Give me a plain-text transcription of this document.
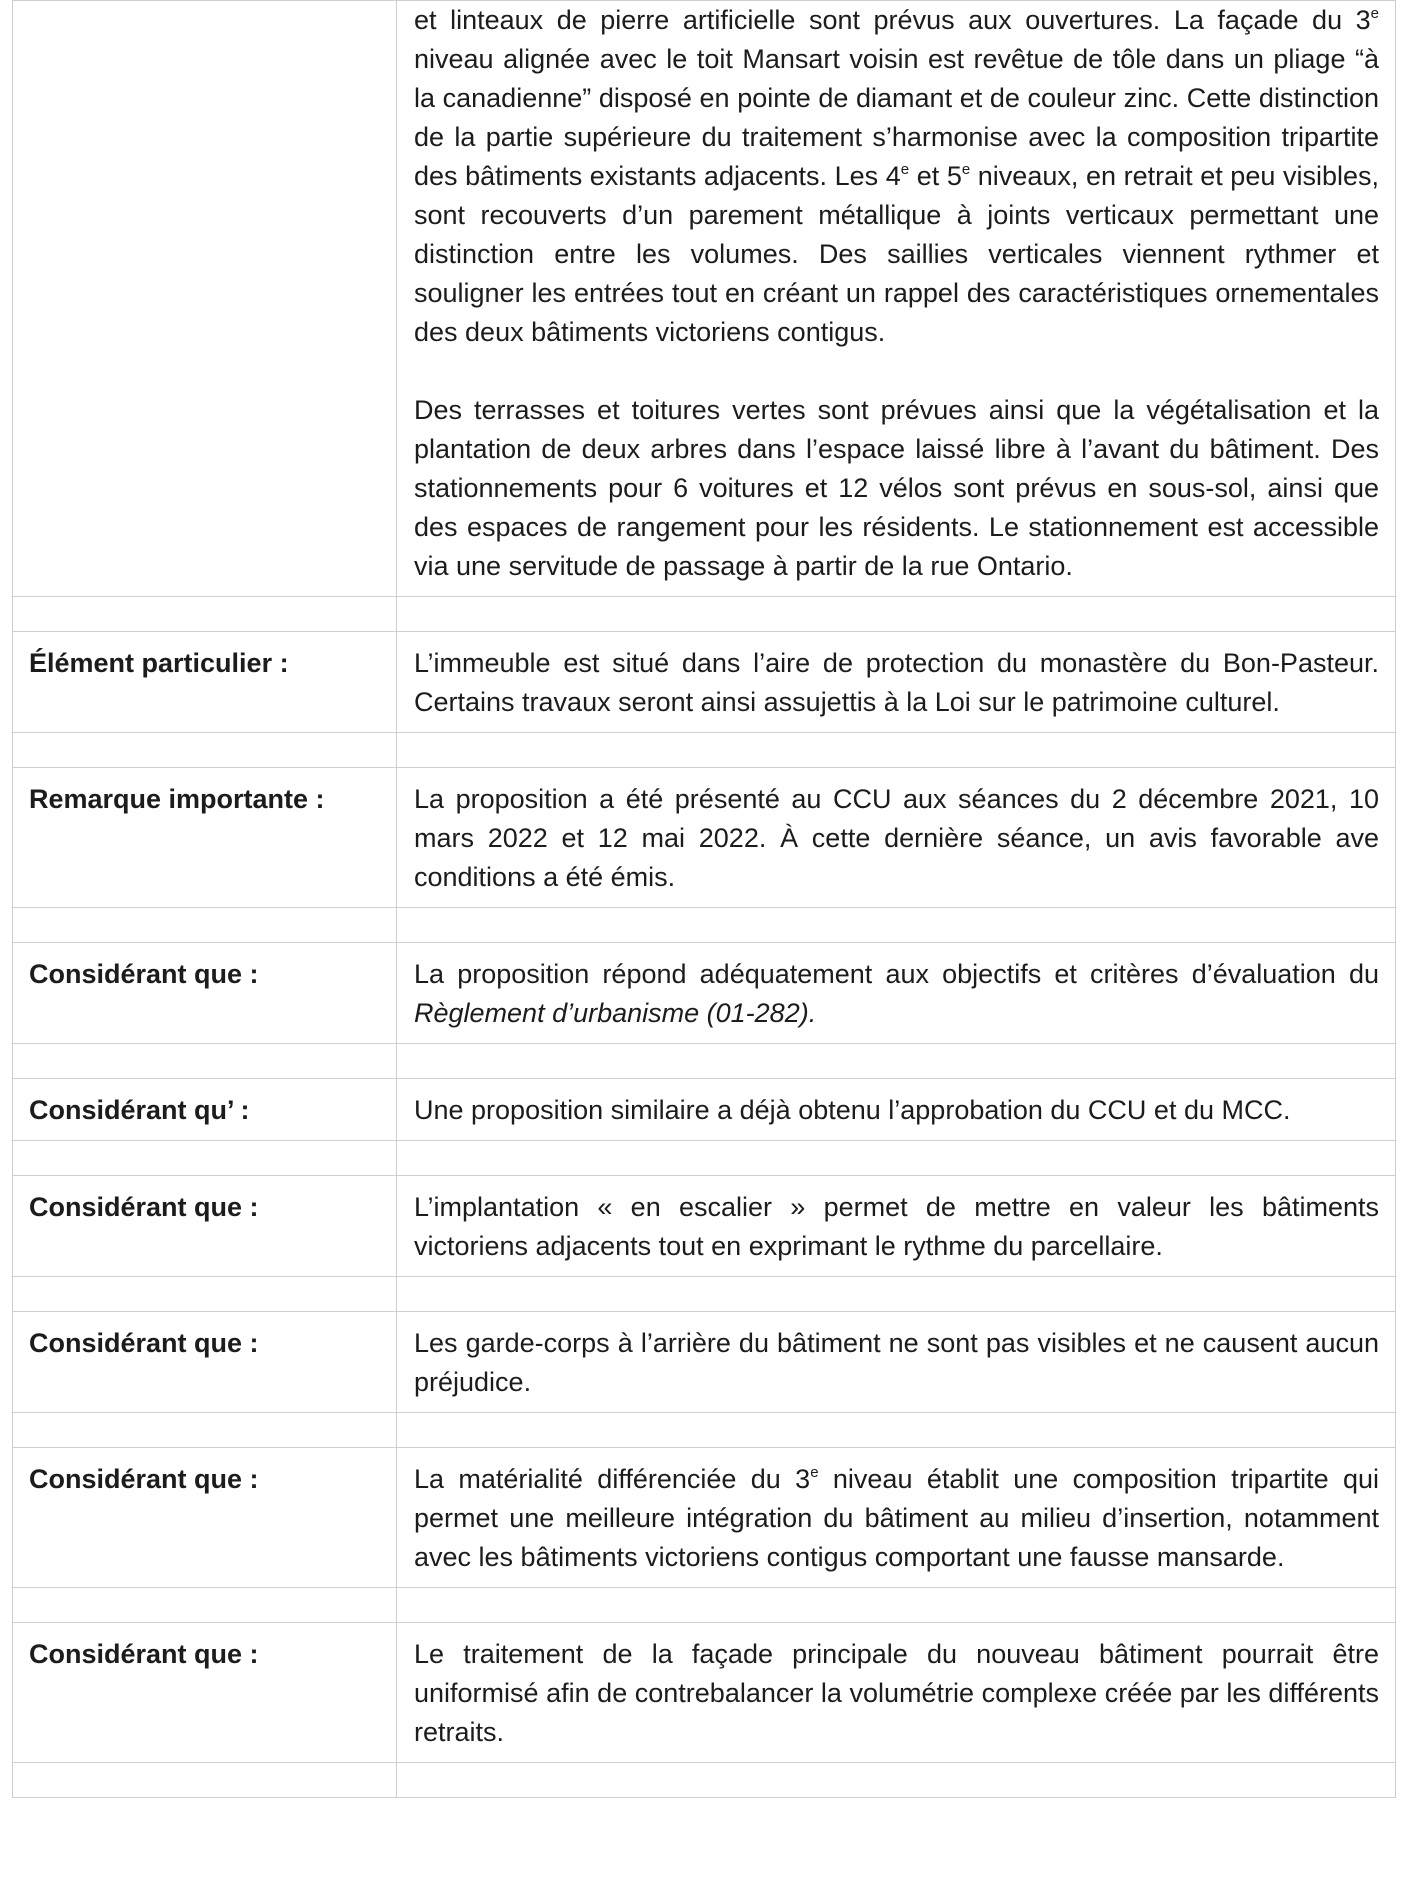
	et linteaux de pierre artificielle sont prévus aux ouvertures. La façade du 3e niveau alignée avec le toit Mansart voisin est revêtue de tôle dans un pliage “à la canadienne” disposé en pointe de diamant et de couleur zinc. Cette distinction de la partie supérieure du traitement s’harmonise avec la composition tripartite des bâtiments existants adjacents. Les 4e et 5e niveaux, en retrait et peu visibles, sont recouverts d’un parement métallique à joints verticaux permettant une distinction entre les volumes. Des saillies verticales viennent rythmer et souligner les entrées tout en créant un rappel des caractéristiques ornementales des deux bâtiments victoriens contigus.

Des terrasses et toitures vertes sont prévues ainsi que la végétalisation et la plantation de deux arbres dans l’espace laissé libre à l’avant du bâtiment. Des stationnements pour 6 voitures et 12 vélos sont prévus en sous-sol, ainsi que des espaces de rangement pour les résidents. Le stationnement est accessible via une servitude de passage à partir de la rue Ontario.

Élément particulier :	L’immeuble est situé dans l’aire de protection du monastère du Bon-Pasteur. Certains travaux seront ainsi assujettis à la Loi sur le patrimoine culturel.

Remarque importante :	La proposition a été présenté au CCU aux séances du 2 décembre 2021, 10 mars 2022 et 12 mai 2022. À cette dernière séance, un avis favorable ave conditions a été émis.

Considérant que :	La proposition répond adéquatement aux objectifs et critères d’évaluation du Règlement d’urbanisme (01-282).

Considérant qu’ :	Une proposition similaire a déjà obtenu l’approbation du CCU et du MCC.

Considérant que :	L’implantation « en escalier » permet de mettre en valeur les bâtiments victoriens adjacents tout en exprimant le rythme du parcellaire.

Considérant que :	Les garde-corps à l’arrière du bâtiment ne sont pas visibles et ne causent aucun préjudice.

Considérant que :	La matérialité différenciée du 3e niveau établit une composition tripartite qui permet une meilleure intégration du bâtiment au milieu d’insertion, notamment avec les bâtiments victoriens contigus comportant une fausse mansarde.

Considérant que :	Le traitement de la façade principale du nouveau bâtiment pourrait être uniformisé afin de contrebalancer la volumétrie complexe créée par les différents retraits.
